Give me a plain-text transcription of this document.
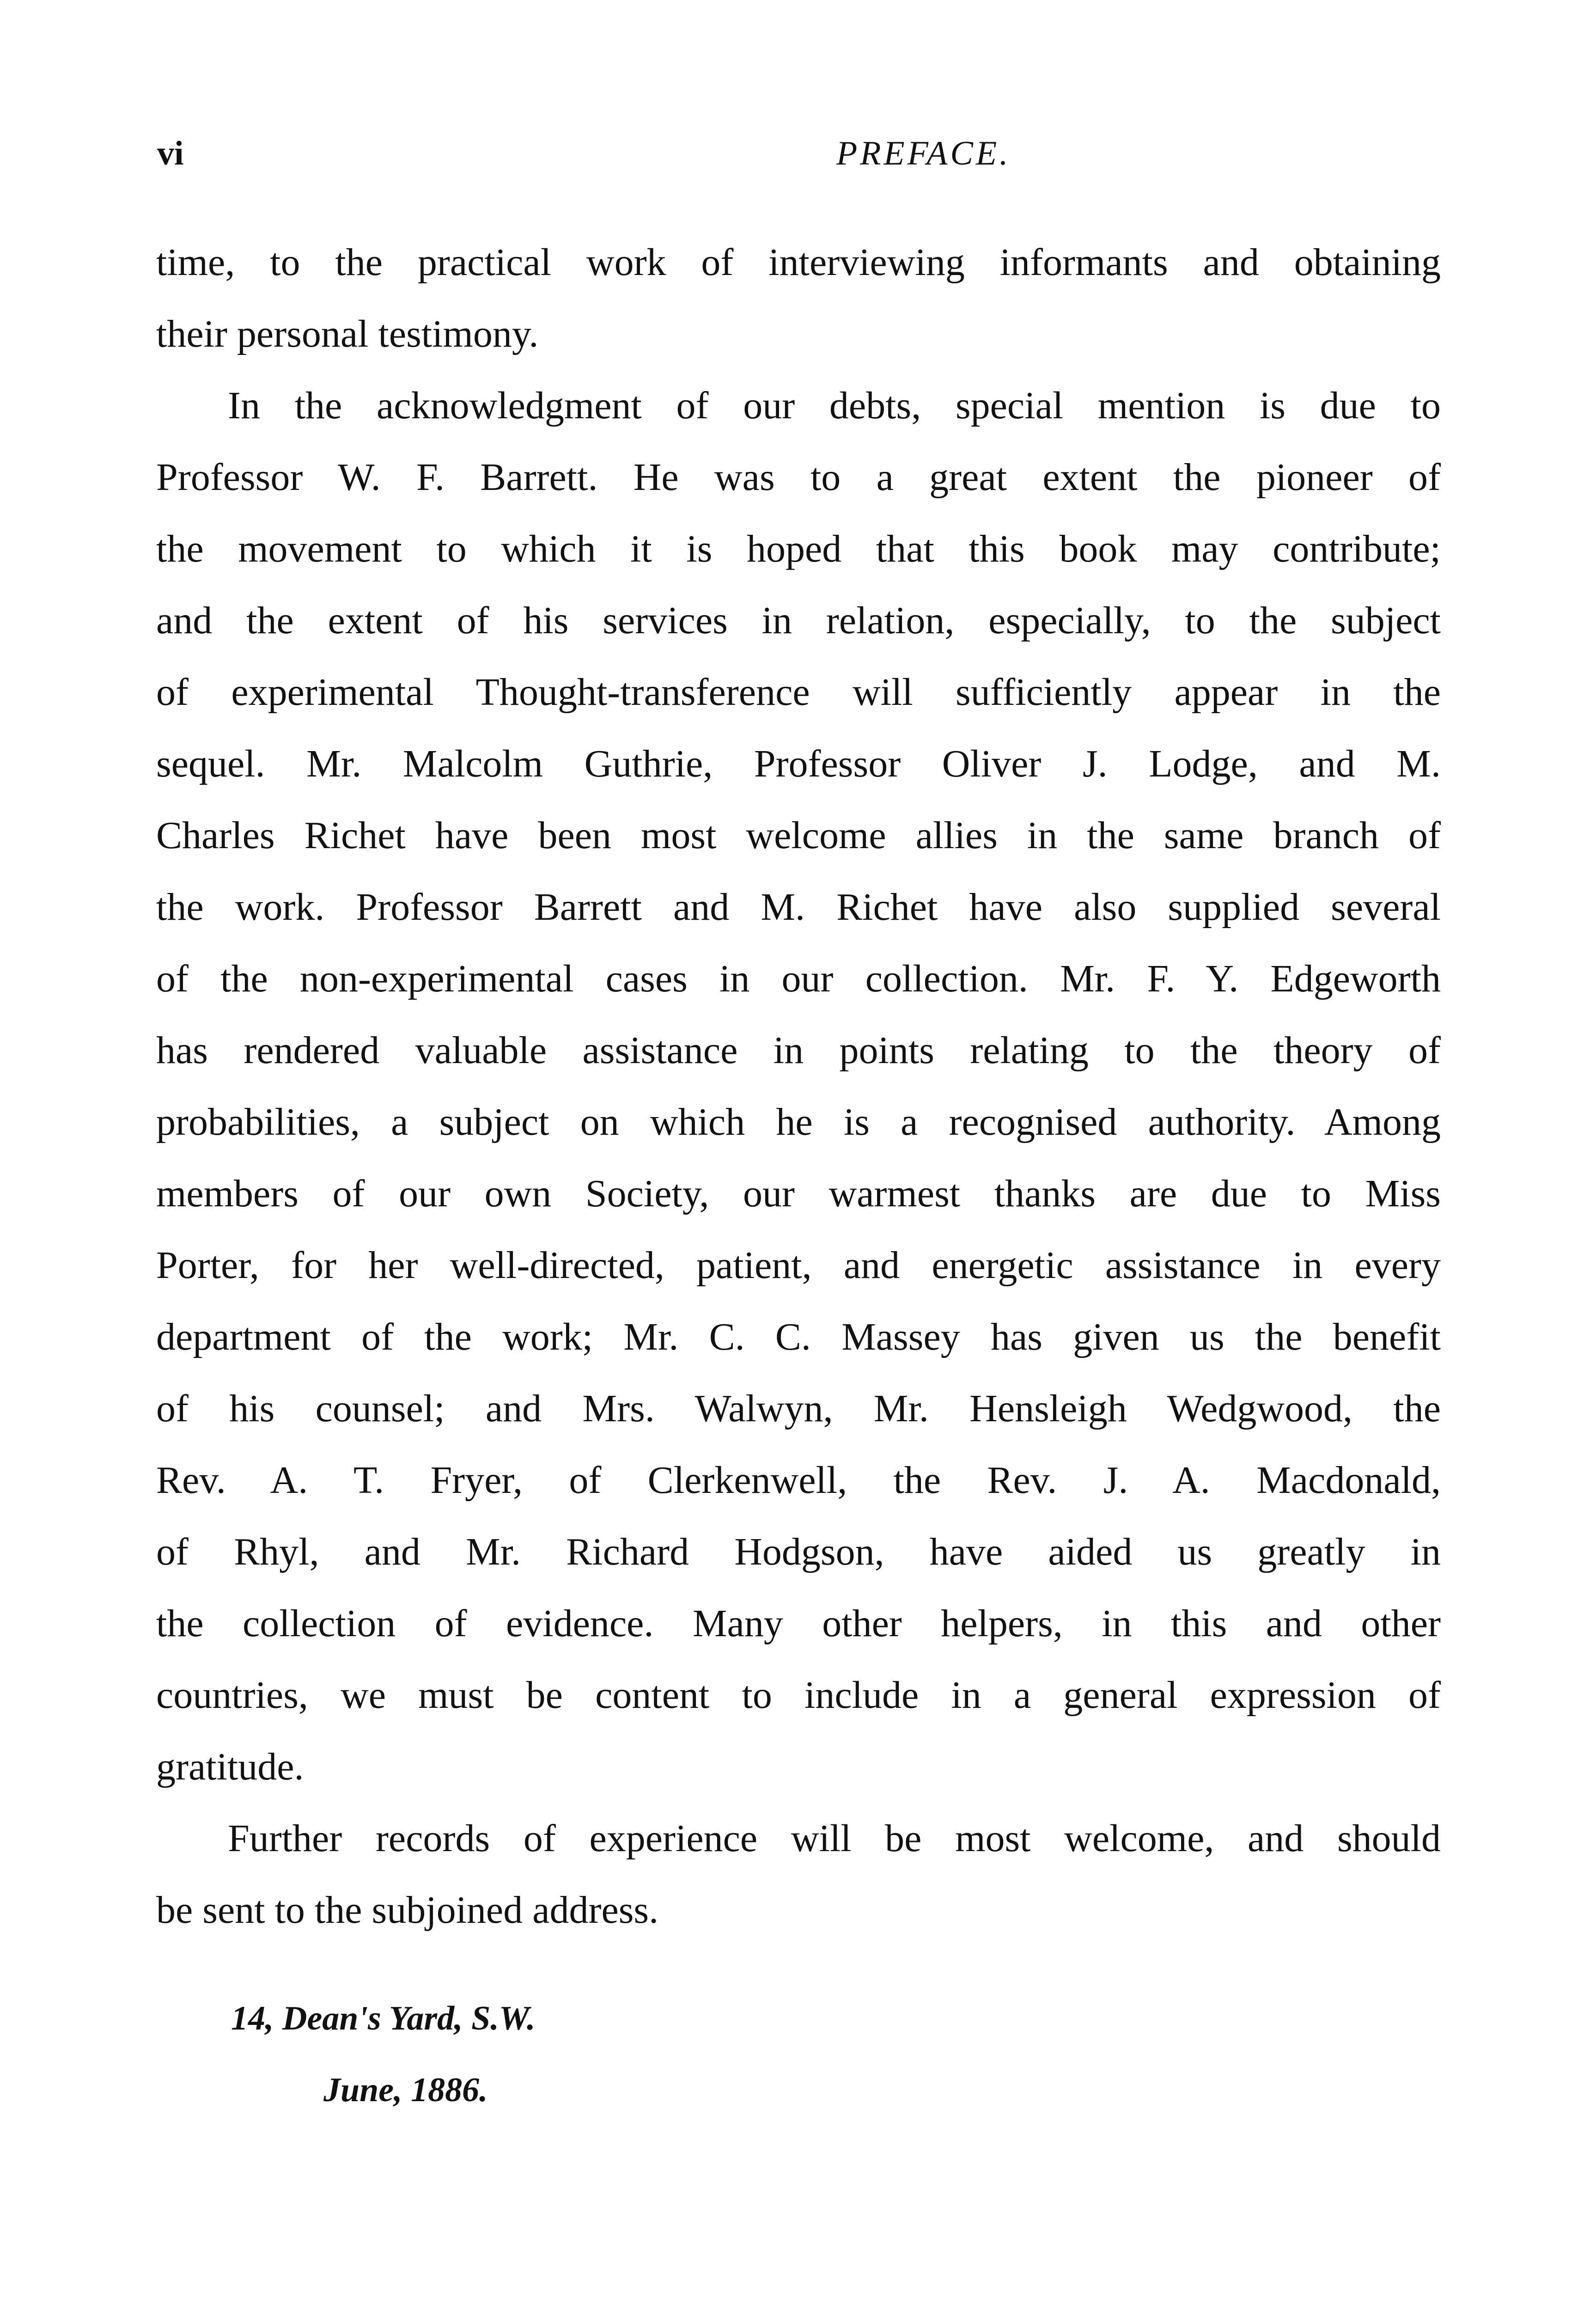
vi	PREFACE.
time, to the practical work of interviewing informants and obtaining
their personal testimony.
In the acknowledgment of our debts, special mention is due to
Professor W. F. Barrett. He was to a great extent the pioneer of
the movement to which it is hoped that this book may contribute;
and the extent of his services in relation, especially, to the subject
of experimental Thought-transference will sufficiently appear in the
sequel. Mr. Malcolm Guthrie, Professor Oliver J. Lodge, and M.
Charles Richet have been most welcome allies in the same branch of
the work. Professor Barrett and M. Richet have also supplied several
of the non-experimental cases in our collection. Mr. F. Y. Edgeworth
has rendered valuable assistance in points relating to the theory of
probabilities, a subject on which he is a recognised authority. Among
members of our own Society, our warmest thanks are due to Miss
Porter, for her well-directed, patient, and energetic assistance in every
department of the work; Mr. C. C. Massey has given us the benefit
of his counsel; and Mrs. Walwyn, Mr. Hensleigh Wedgwood, the
Rev. A. T. Fryer, of Clerkenwell, the Rev. J. A. Macdonald,
of Rhyl, and Mr. Richard Hodgson, have aided us greatly in
the collection of evidence. Many other helpers, in this and other
countries, we must be content to include in a general expression of
gratitude.
Further records of experience will be most welcome, and should
be sent to the subjoined address.
14, Dean's Yard, S.W.
June, 1886.
